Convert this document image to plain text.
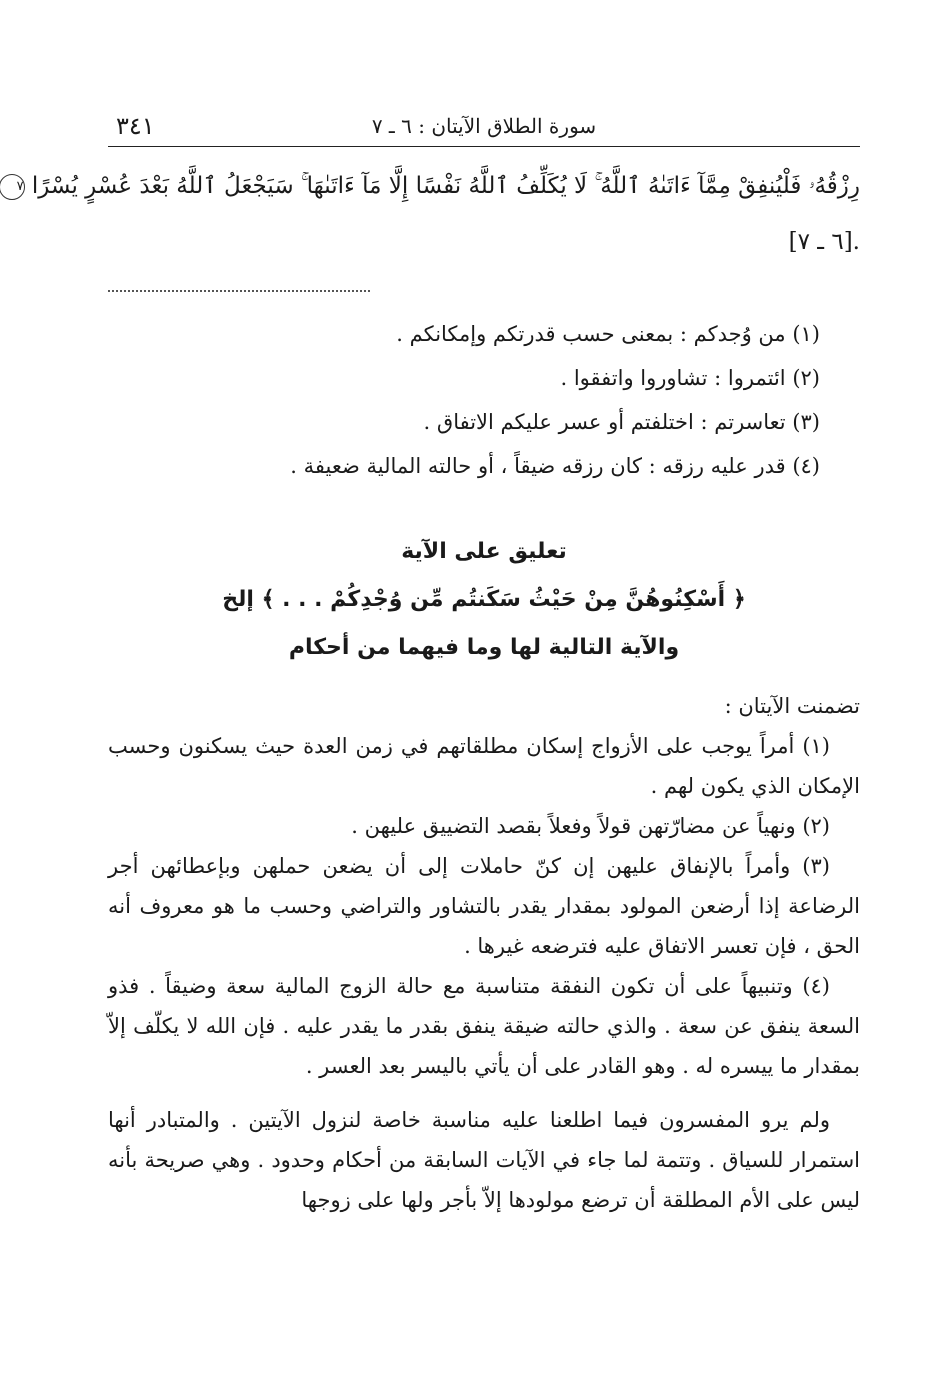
٣٤١	سورة الطلاق الآيتان : ٦ ـ ٧
رِزْقُهُۥ فَلْيُنفِقْ مِمَّآ ءَاتَىٰهُ ٱللَّهُ ۚ لَا يُكَلِّفُ ٱللَّهُ نَفْسًا إِلَّا مَآ ءَاتَىٰهَا ۚ سَيَجْعَلُ ٱللَّهُ بَعْدَ عُسْرٍ يُسْرًا ٧
.[٦ ـ ٧]
(١) من وُجدكم : بمعنى حسب قدرتكم وإمكانكم .
(٢) ائتمروا : تشاوروا واتفقوا .
(٣) تعاسرتم : اختلفتم أو عسر عليكم الاتفاق .
(٤) قدر عليه رزقه : كان رزقه ضيقاً ، أو حالته المالية ضعيفة .
تعليق على الآية
﴿ أَسْكِنُوهُنَّ مِنْ حَيْثُ سَكَنتُم مِّن وُجْدِكُمْ . . . ﴾ إلخ
والآية التالية لها وما فيهما من أحكام

تضمنت الآيتان :

(١) أمراً يوجب على الأزواج إسكان مطلقاتهم في زمن العدة حيث يسكنون وحسب الإمكان الذي يكون لهم .

(٢) ونهياً عن مضارّتهن قولاً وفعلاً بقصد التضييق عليهن .

(٣) وأمراً بالإنفاق عليهن إن كنّ حاملات إلى أن يضعن حملهن وبإعطائهن أجر الرضاعة إذا أرضعن المولود بمقدار يقدر بالتشاور والتراضي وحسب ما هو معروف أنه الحق ، فإن تعسر الاتفاق عليه فترضعه غيرها .

(٤) وتنبيهاً على أن تكون النفقة متناسبة مع حالة الزوج المالية سعة وضيقاً . فذو السعة ينفق عن سعة . والذي حالته ضيقة ينفق بقدر ما يقدر عليه . فإن الله لا يكلّف إلاّ بمقدار ما ييسره له . وهو القادر على أن يأتي باليسر بعد العسر .

ولم يرو المفسرون فيما اطلعنا عليه مناسبة خاصة لنزول الآيتين . والمتبادر أنها استمرار للسياق . وتتمة لما جاء في الآيات السابقة من أحكام وحدود . وهي صريحة بأنه ليس على الأم المطلقة أن ترضع مولودها إلاّ بأجر ولها على زوجها
